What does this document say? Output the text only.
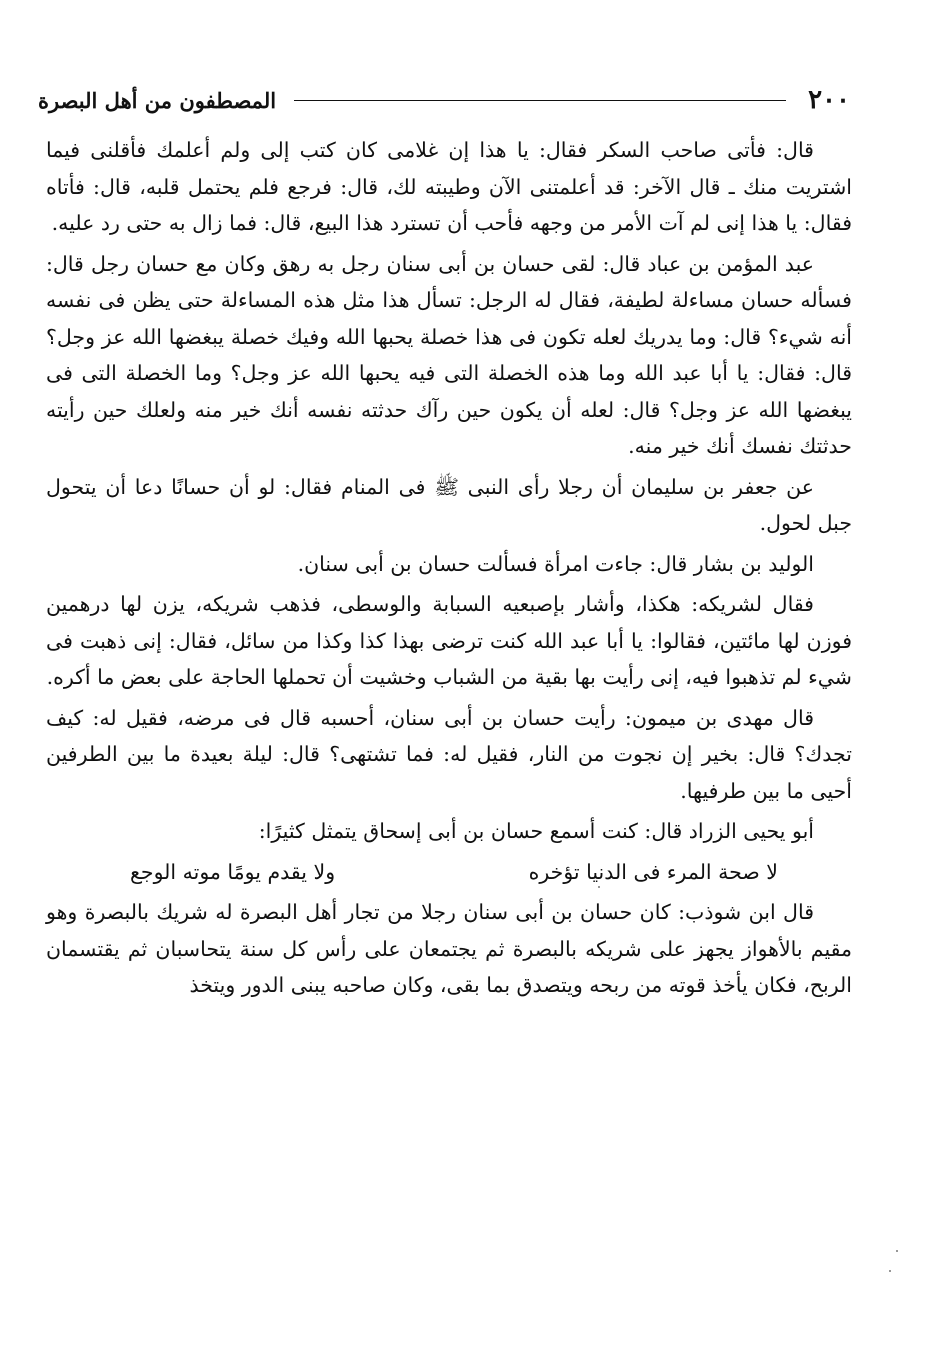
٢٠٠
المصطفون من أهل البصرة

قال: فأتى صاحب السكر فقال: يا هذا إن غلامى كان كتب إلى ولم أعلمك فأقلنى فيما اشتريت منك ـ قال الآخر: قد أعلمتنى الآن وطيبته لك، قال: فرجع فلم يحتمل قلبه، قال: فأتاه فقال: يا هذا إنى لم آت الأمر من وجهه فأحب أن تسترد هذا البيع، قال: فما زال به حتى رد عليه.

عبد المؤمن بن عباد قال: لقى حسان بن أبى سنان رجل به رهق وكان مع حسان رجل قال: فسأله حسان مساءلة لطيفة، فقال له الرجل: تسأل هذا مثل هذه المساءلة حتى يظن فى نفسه أنه شيء؟ قال: وما يدريك لعله تكون فى هذا خصلة يحبها الله وفيك خصلة يبغضها الله عز وجل؟ قال: فقال: يا أبا عبد الله وما هذه الخصلة التى فيه يحبها الله عز وجل؟ وما الخصلة التى فى يبغضها الله عز وجل؟ قال: لعله أن يكون حين رآك حدثته نفسه أنك خير منه ولعلك حين رأيته حدثتك نفسك أنك خير منه.

عن جعفر بن سليمان أن رجلا رأى النبى ﷺ فى المنام فقال: لو أن حسانًا دعا أن يتحول جبل لحول.

الوليد بن بشار قال: جاءت امرأة فسألت حسان بن أبى سنان.

فقال لشريكه: هكذا، وأشار بإصبعيه السبابة والوسطى، فذهب شريكه، يزن لها درهمين فوزن لها مائتين، فقالوا: يا أبا عبد الله كنت ترضى بهذا كذا وكذا من سائل، فقال: إنى ذهبت فى شيء لم تذهبوا فيه، إنى رأيت بها بقية من الشباب وخشيت أن تحملها الحاجة على بعض ما أكره.

قال مهدى بن ميمون: رأيت حسان بن أبى سنان، أحسبه قال فى مرضه، فقيل له: كيف تجدك؟ قال: بخير إن نجوت من النار، فقيل له: فما تشتهى؟ قال: ليلة بعيدة ما بين الطرفين أحيى ما بين طرفيها.

أبو يحيى الزراد قال: كنت أسمع حسان بن أبى إسحاق يتمثل كثيرًا:

لا صحة المرء فى الدنيا تؤخره
ولا يقدم يومًا موته الوجع

قال ابن شوذب: كان حسان بن أبى سنان رجلا من تجار أهل البصرة له شريك بالبصرة وهو مقيم بالأهواز يجهز على شريكه بالبصرة ثم يجتمعان على رأس كل سنة يتحاسبان ثم يقتسمان الربح، فكان يأخذ قوته من ربحه ويتصدق بما بقى، وكان صاحبه يبنى الدور ويتخذ
